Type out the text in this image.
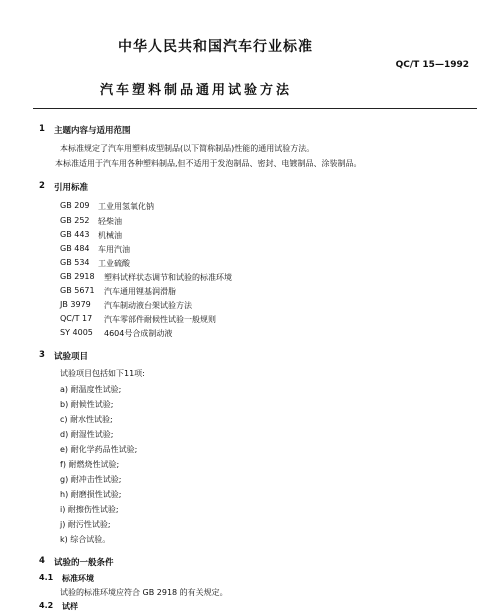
中华人民共和国汽车行业标准
QC/T 15—1992
汽车塑料制品通用试验方法
1 主题内容与适用范围
本标准规定了汽车用塑料成型制品(以下简称制品)性能的通用试验方法。
本标准适用于汽车用各种塑料制品,但不适用于发泡制品、密封、电镀制品、涂装制品。
2 引用标准
GB 209 工业用氢氧化钠
GB 252 轻柴油
GB 443 机械油
GB 484 车用汽油
GB 534 工业硫酸
GB 2918 塑料试样状态调节和试验的标准环境
GB 5671 汽车通用锂基润滑脂
JB 3979 汽车制动液台架试验方法
QC/T 17 汽车零部件耐候性试验一般规则
SY 4005 4604号合成制动液
3 试验项目
试验项目包括如下11项:
a) 耐温度性试验;
b) 耐候性试验;
c) 耐水性试验;
d) 耐湿性试验;
e) 耐化学药品性试验;
f) 耐燃烧性试验;
g) 耐冲击性试验;
h) 耐磨损性试验;
i) 耐擦伤性试验;
j) 耐污性试验;
k) 综合试验。
4 试验的一般条件
4.1 标准环境
试验的标准环境应符合 GB 2918 的有关规定。
4.2 试样
